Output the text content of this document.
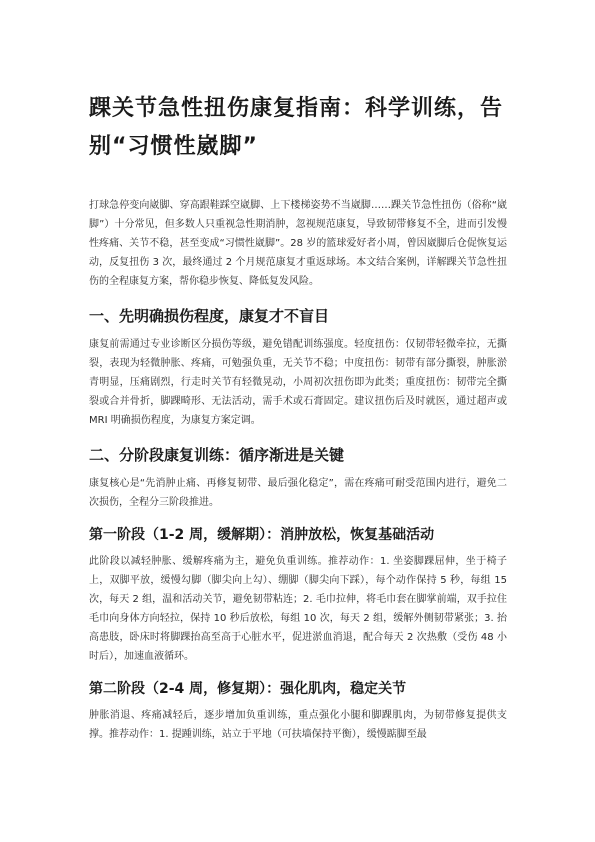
踝关节急性扭伤康复指南：科学训练，告别“习惯性崴脚”

打球急停变向崴脚、穿高跟鞋踩空崴脚、上下楼梯姿势不当崴脚……踝关节急性扭伤（俗称“崴脚”）十分常见，但多数人只重视急性期消肿，忽视规范康复，导致韧带修复不全，进而引发慢性疼痛、关节不稳，甚至变成“习惯性崴脚”。28 岁的篮球爱好者小周，曾因崴脚后仓促恢复运动，反复扭伤 3 次，最终通过 2 个月规范康复才重返球场。本文结合案例，详解踝关节急性扭伤的全程康复方案，帮你稳步恢复、降低复发风险。

一、先明确损伤程度，康复才不盲目

康复前需通过专业诊断区分损伤等级，避免错配训练强度。轻度扭伤：仅韧带轻微牵拉，无撕裂，表现为轻微肿胀、疼痛，可勉强负重，无关节不稳；中度扭伤：韧带有部分撕裂，肿胀淤青明显，压痛剧烈，行走时关节有轻微晃动，小周初次扭伤即为此类；重度扭伤：韧带完全撕裂或合并骨折，脚踝畸形、无法活动，需手术或石膏固定。建议扭伤后及时就医，通过超声或 MRI 明确损伤程度，为康复方案定调。

二、分阶段康复训练：循序渐进是关键

康复核心是“先消肿止痛、再修复韧带、最后强化稳定”，需在疼痛可耐受范围内进行，避免二次损伤，全程分三阶段推进。

第一阶段（1-2 周，缓解期）：消肿放松，恢复基础活动

此阶段以减轻肿胀、缓解疼痛为主，避免负重训练。推荐动作：1. 坐姿脚踝屈伸，坐于椅子上，双脚平放，缓慢勾脚（脚尖向上勾）、绷脚（脚尖向下踩），每个动作保持 5 秒，每组 15 次，每天 2 组，温和活动关节，避免韧带粘连；2. 毛巾拉伸，将毛巾套在脚掌前端，双手拉住毛巾向身体方向轻拉，保持 10 秒后放松，每组 10 次，每天 2 组，缓解外侧韧带紧张；3. 抬高患肢，卧床时将脚踝抬高至高于心脏水平，促进淤血消退，配合每天 2 次热敷（受伤 48 小时后），加速血液循环。

第二阶段（2-4 周，修复期）：强化肌肉，稳定关节

肿胀消退、疼痛减轻后，逐步增加负重训练，重点强化小腿和脚踝肌肉，为韧带修复提供支撑。推荐动作：1. 提踵训练，站立于平地（可扶墙保持平衡），缓慢踮脚至最
